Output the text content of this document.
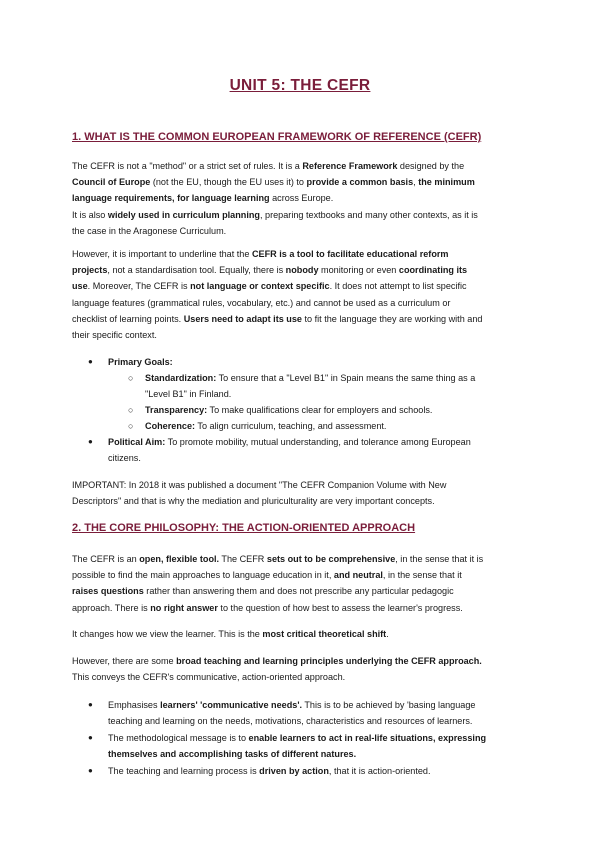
UNIT 5: THE CEFR
1. WHAT IS THE COMMON EUROPEAN FRAMEWORK OF REFERENCE (CEFR)
The CEFR is not a "method" or a strict set of rules. It is a Reference Framework designed by the
Council of Europe (not the EU, though the EU uses it) to provide a common basis, the minimum
language requirements, for language learning across Europe.
It is also widely used in curriculum planning, preparing textbooks and many other contexts, as it is
the case in the Aragonese Curriculum.
However, it is important to underline that the CEFR is a tool to facilitate educational reform
projects, not a standardisation tool. Equally, there is nobody monitoring or even coordinating its
use. Moreover, The CEFR is not language or context specific. It does not attempt to list specific
language features (grammatical rules, vocabulary, etc.) and cannot be used as a curriculum or
checklist of learning points. Users need to adapt its use to fit the language they are working with and
their specific context.
● Primary Goals:
○ Standardization: To ensure that a "Level B1" in Spain means the same thing as a
"Level B1" in Finland.
○ Transparency: To make qualifications clear for employers and schools.
○ Coherence: To align curriculum, teaching, and assessment.
● Political Aim: To promote mobility, mutual understanding, and tolerance among European
citizens.
IMPORTANT: In 2018 it was published a document "The CEFR Companion Volume with New
Descriptors" and that is why the mediation and pluriculturality are very important concepts.
2. THE CORE PHILOSOPHY: THE ACTION-ORIENTED APPROACH
The CEFR is an open, flexible tool. The CEFR sets out to be comprehensive, in the sense that it is
possible to find the main approaches to language education in it, and neutral, in the sense that it
raises questions rather than answering them and does not prescribe any particular pedagogic
approach. There is no right answer to the question of how best to assess the learner's progress.
It changes how we view the learner. This is the most critical theoretical shift.
However, there are some broad teaching and learning principles underlying the CEFR approach.
This conveys the CEFR's communicative, action-oriented approach.
● Emphasises learners' 'communicative needs'. This is to be achieved by 'basing language
teaching and learning on the needs, motivations, characteristics and resources of learners.
● The methodological message is to enable learners to act in real-life situations, expressing
themselves and accomplishing tasks of different natures.
● The teaching and learning process is driven by action, that it is action-oriented.
